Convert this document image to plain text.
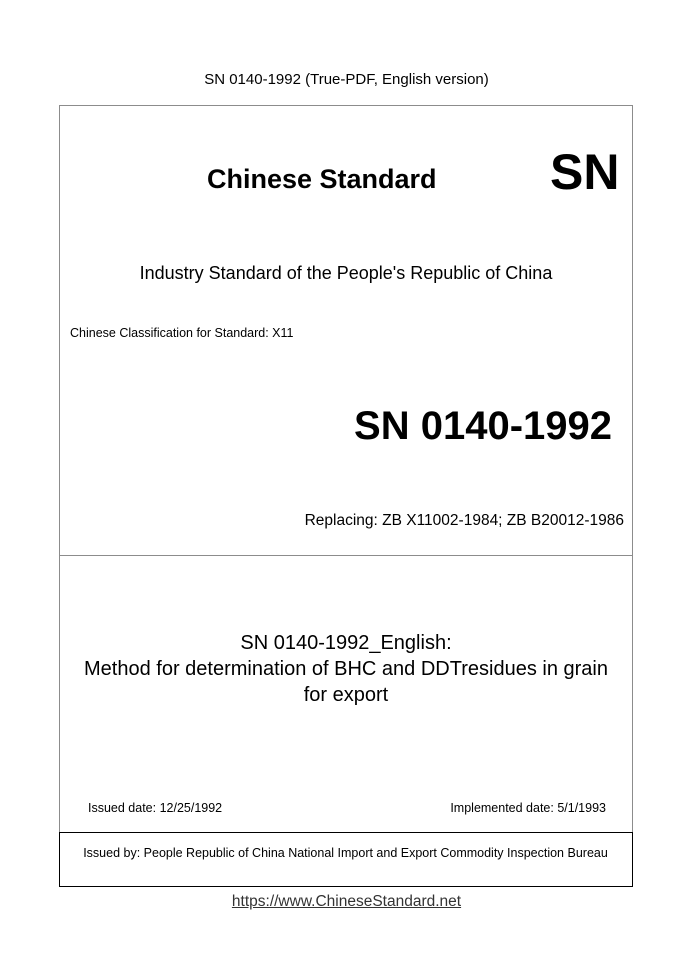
SN 0140-1992 (True-PDF, English version)
Chinese Standard SN
Industry Standard of the People's Republic of China
Chinese Classification for Standard: X11
SN 0140-1992
Replacing: ZB X11002-1984; ZB B20012-1986
SN 0140-1992_English:
Method for determination of BHC and DDTresidues in grain
for export
Issued date: 12/25/1992	Implemented date: 5/1/1993
Issued by: People Republic of China National Import and Export Commodity Inspection Bureau
https://www.ChineseStandard.net
